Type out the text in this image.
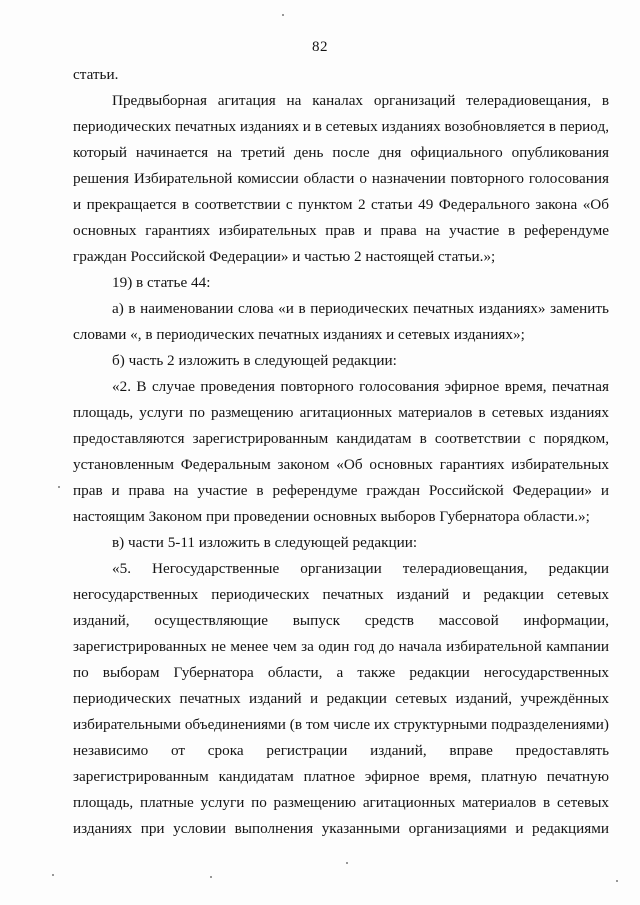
82
статьи.
Предвыборная агитация на каналах организаций телерадиовещания, в
периодических печатных изданиях и в сетевых изданиях возобновляется в период,
который начинается на третий день после дня официального опубликования
решения Избирательной комиссии области о назначении повторного голосования
и прекращается в соответствии с пунктом 2 статьи 49 Федерального закона «Об
основных гарантиях избирательных прав и права на участие в референдуме
граждан Российской Федерации» и частью 2 настоящей статьи.»;
19) в статье 44:
а) в наименовании слова «и в периодических печатных изданиях» заменить
словами «, в периодических печатных изданиях и сетевых изданиях»;
б) часть 2 изложить в следующей редакции:
«2. В случае проведения повторного голосования эфирное время, печатная
площадь, услуги по размещению агитационных материалов в сетевых изданиях
предоставляются зарегистрированным кандидатам в соответствии с порядком,
установленным Федеральным законом «Об основных гарантиях избирательных
прав и права на участие в референдуме граждан Российской Федерации» и
настоящим Законом при проведении основных выборов Губернатора области.»;
в) части 5-11 изложить в следующей редакции:
«5. Негосударственные организации телерадиовещания, редакции
негосударственных периодических печатных изданий и редакции сетевых
изданий, осуществляющие выпуск средств массовой информации,
зарегистрированных не менее чем за один год до начала избирательной кампании
по выборам Губернатора области, а также редакции негосударственных
периодических печатных изданий и редакции сетевых изданий, учреждённых
избирательными объединениями (в том числе их структурными подразделениями)
независимо от срока регистрации изданий, вправе предоставлять
зарегистрированным кандидатам платное эфирное время, платную печатную
площадь, платные услуги по размещению агитационных материалов в сетевых
изданиях при условии выполнения указанными организациями и редакциями
